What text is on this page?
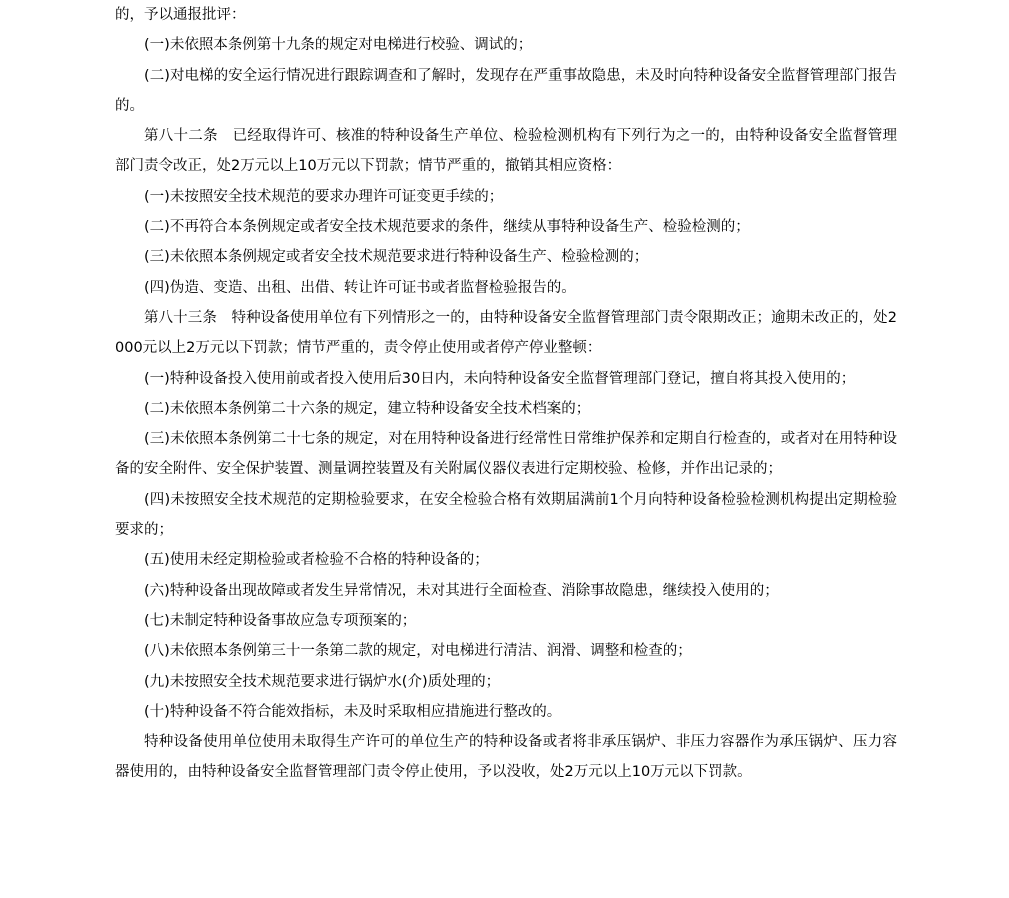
的，予以通报批评：

(一)未依照本条例第十九条的规定对电梯进行校验、调试的；

(二)对电梯的安全运行情况进行跟踪调查和了解时，发现存在严重事故隐患，未及时向特种设备安全监督管理部门报告的。

第八十二条　已经取得许可、核准的特种设备生产单位、检验检测机构有下列行为之一的，由特种设备安全监督管理部门责令改正，处2万元以上10万元以下罚款；情节严重的，撤销其相应资格：

(一)未按照安全技术规范的要求办理许可证变更手续的；

(二)不再符合本条例规定或者安全技术规范要求的条件，继续从事特种设备生产、检验检测的；

(三)未依照本条例规定或者安全技术规范要求进行特种设备生产、检验检测的；

(四)伪造、变造、出租、出借、转让许可证书或者监督检验报告的。

第八十三条　特种设备使用单位有下列情形之一的，由特种设备安全监督管理部门责令限期改正；逾期未改正的，处2000元以上2万元以下罚款；情节严重的，责令停止使用或者停产停业整顿：

(一)特种设备投入使用前或者投入使用后30日内，未向特种设备安全监督管理部门登记，擅自将其投入使用的；

(二)未依照本条例第二十六条的规定，建立特种设备安全技术档案的；

(三)未依照本条例第二十七条的规定，对在用特种设备进行经常性日常维护保养和定期自行检查的，或者对在用特种设备的安全附件、安全保护装置、测量调控装置及有关附属仪器仪表进行定期校验、检修，并作出记录的；

(四)未按照安全技术规范的定期检验要求，在安全检验合格有效期届满前1个月向特种设备检验检测机构提出定期检验要求的；

(五)使用未经定期检验或者检验不合格的特种设备的；

(六)特种设备出现故障或者发生异常情况，未对其进行全面检查、消除事故隐患，继续投入使用的；

(七)未制定特种设备事故应急专项预案的；

(八)未依照本条例第三十一条第二款的规定，对电梯进行清洁、润滑、调整和检查的；

(九)未按照安全技术规范要求进行锅炉水(介)质处理的；

(十)特种设备不符合能效指标，未及时采取相应措施进行整改的。

特种设备使用单位使用未取得生产许可的单位生产的特种设备或者将非承压锅炉、非压力容器作为承压锅炉、压力容器使用的，由特种设备安全监督管理部门责令停止使用，予以没收，处2万元以上10万元以下罚款。
